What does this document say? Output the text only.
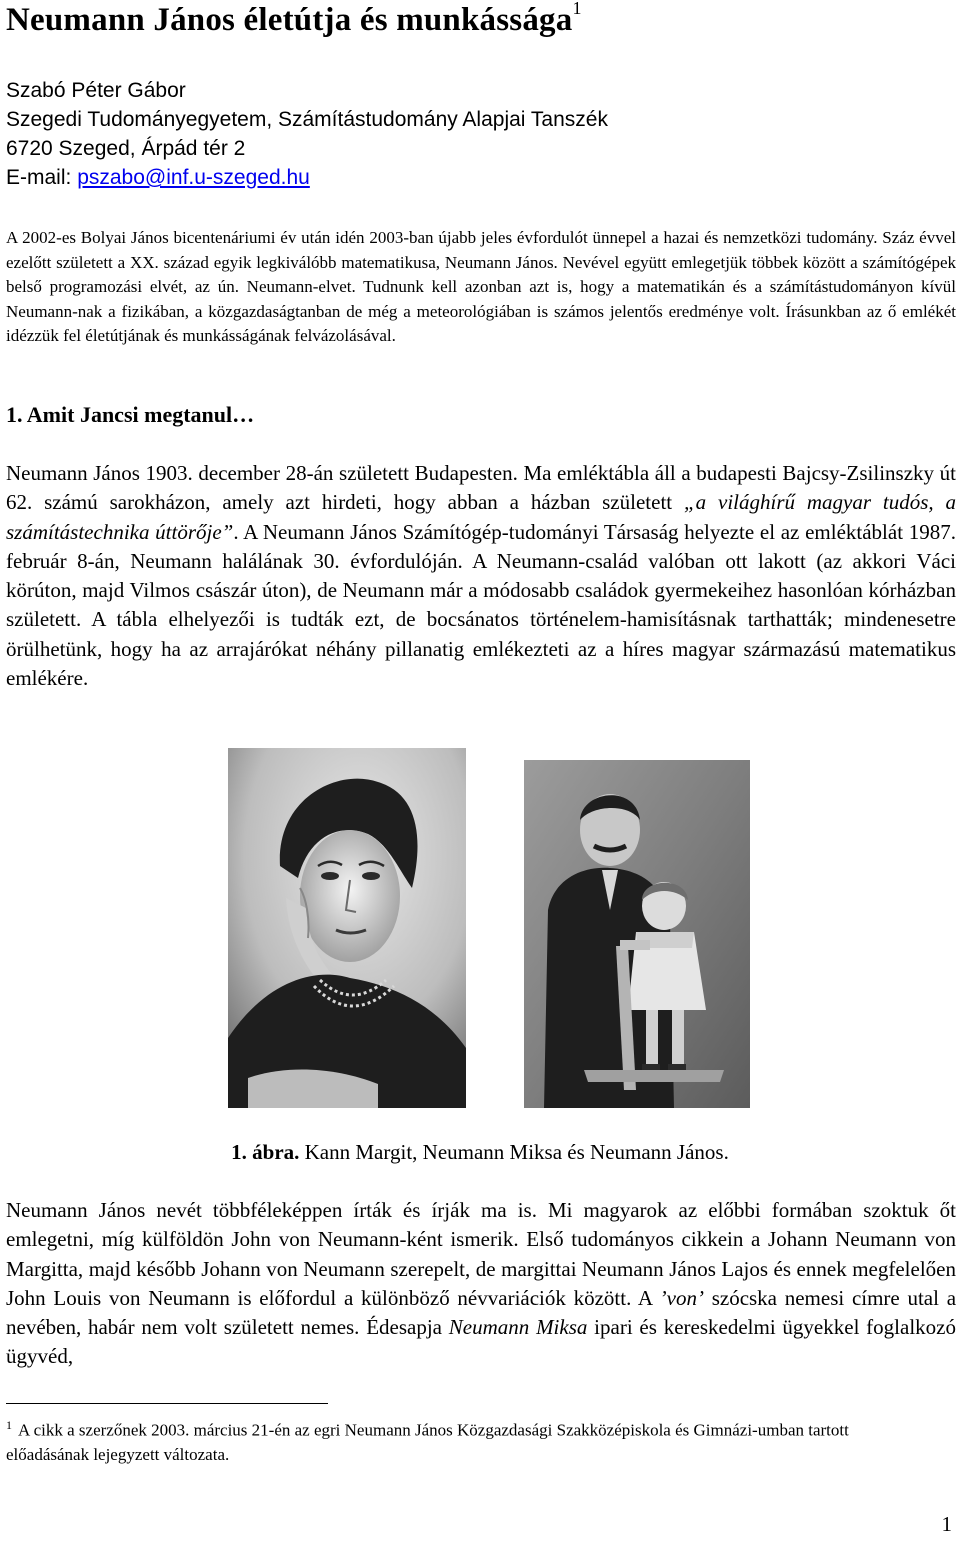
Neumann János életútja és munkássága$^1$
Szabó Péter Gábor
Szegedi Tudományegyetem, Számítástudomány Alapjai Tanszék
6720 Szeged, Árpád tér 2
E-mail: pszabo@inf.u-szeged.hu

A 2002-es Bolyai János bicentenáriumi év után idén 2003-ban újabb jeles évfordulót ünnepel a hazai és nemzetközi tudomány. Száz évvel ezelőtt született a XX. század egyik legkiválóbb matematikusa, Neumann János. Nevével együtt emlegetjük többek között a számítógépek belső programozási elvét, az ún. Neumann-elvet. Tudnunk kell azonban azt is, hogy a matematikán és a számítástudományon kívül Neumann-nak a fizikában, a közgazdaságtanban de még a meteorológiában is számos jelentős eredménye volt. Írásunkban az ő emlékét idézzük fel életútjának és munkásságának felvázolásával.

1. Amit Jancsi megtanul…

Neumann János 1903. december 28-án született Budapesten. Ma emléktábla áll a budapesti Bajcsy-Zsilinszky út 62. számú sarokházon, amely azt hirdeti, hogy abban a házban született „a világhírű magyar tudós, a számítástechnika úttörője”. A Neumann János Számítógép-tudományi Társaság helyezte el az emléktáblát 1987. február 8-án, Neumann halálának 30. évfordulóján. A Neumann-család valóban ott lakott (az akkori Váci körúton, majd Vilmos császár úton), de Neumann már a módosabb családok gyermekeihez hasonlóan kórházban született. A tábla elhelyezői is tudták ezt, de bocsánatos történelem-hamisításnak tarthatták; mindenesetre örülhetünk, hogy ha az arrajárókat néhány pillanatig emlékezteti az a híres magyar származású matematikus emlékére.

1. ábra. Kann Margit, Neumann Miksa és Neumann János.

Neumann János nevét többféleképpen írták és írják ma is. Mi magyarok az előbbi formában szoktuk őt emlegetni, míg külföldön John von Neumann-ként ismerik. Első tudományos cikkein a Johann Neumann von Margitta, majd később Johann von Neumann szerepelt, de margittai Neumann János Lajos és ennek megfelelően John Louis von Neumann is előfordul a különböző névvariációk között. A ’von’ szócska nemesi címre utal a nevében, habár nem volt született nemes. Édesapja Neumann Miksa ipari és kereskedelmi ügyekkel foglalkozó ügyvéd,

$^1$ A cikk a szerzőnek 2003. március 21-én az egri Neumann János Közgazdasági Szakközépiskola és Gimnázi-umban tartott előadásának lejegyzett változata.
1
